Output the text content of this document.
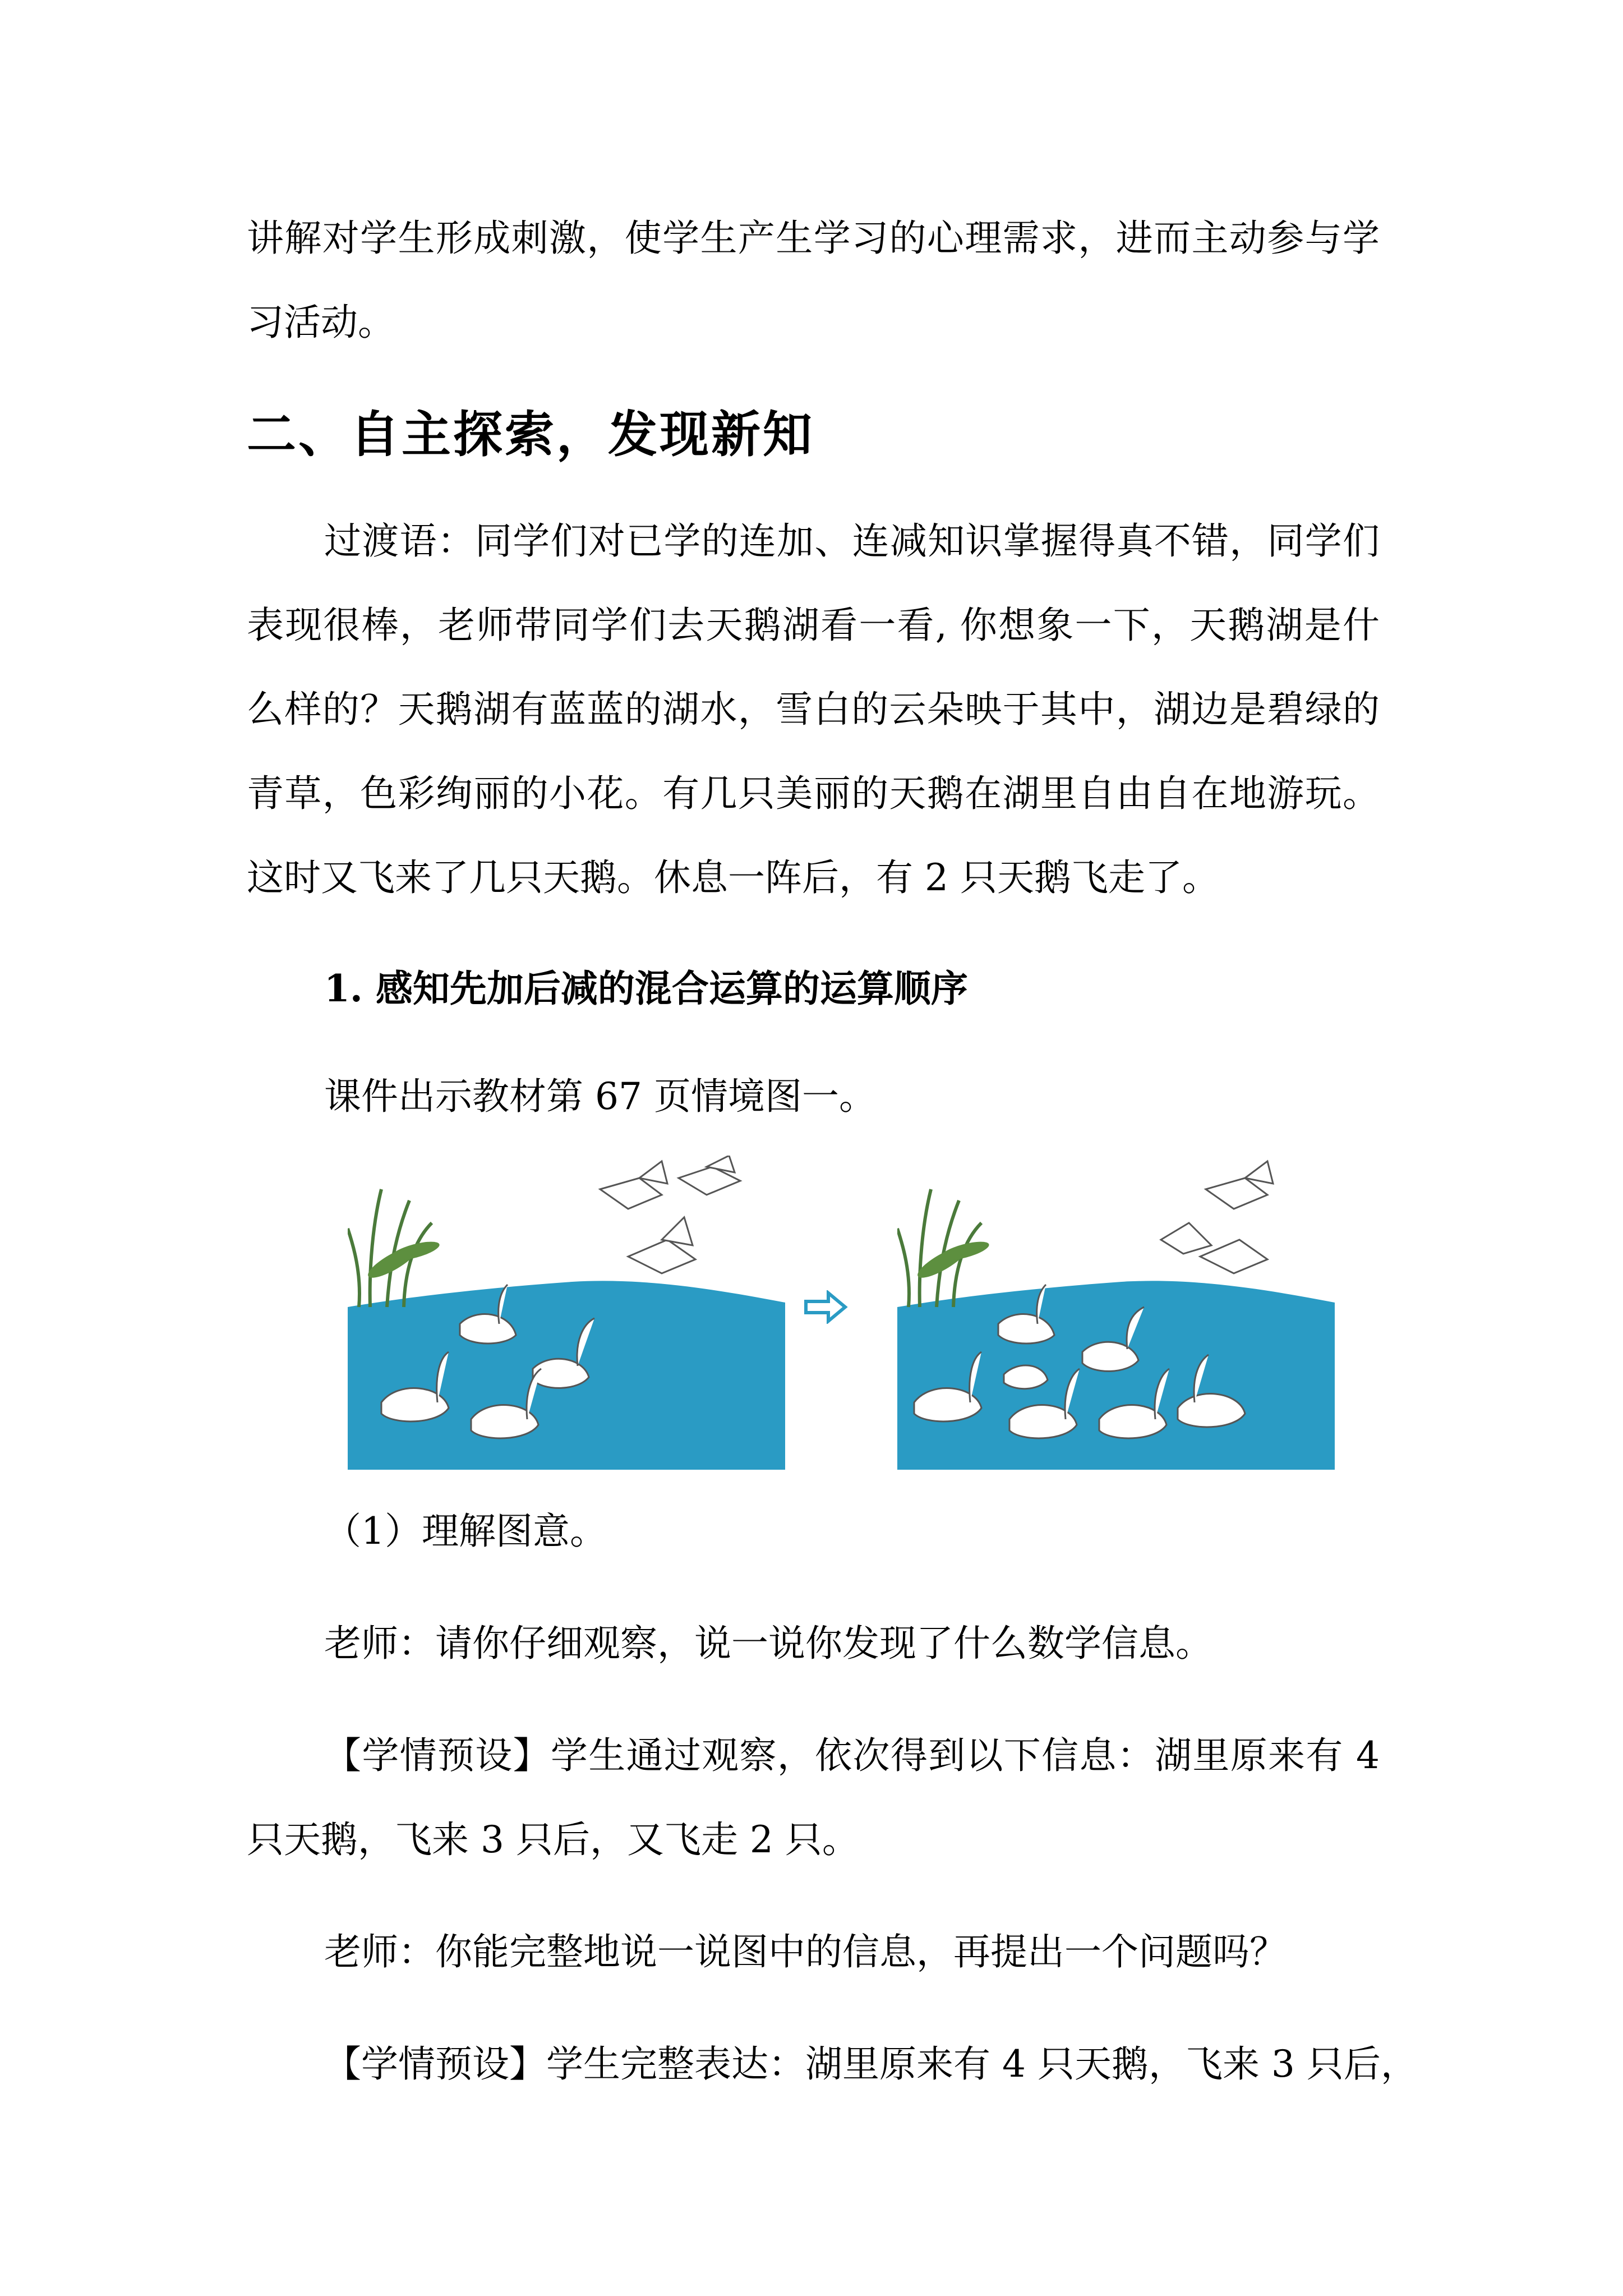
讲解对学生形成刺激，使学生产生学习的心理需求，进而主动参与学

习活动。

二、自主探索，发现新知

过渡语：同学们对已学的连加、连减知识掌握得真不错，同学们

表现很棒，老师带同学们去天鹅湖看一看, 你想象一下，天鹅湖是什

么样的？天鹅湖有蓝蓝的湖水，雪白的云朵映于其中，湖边是碧绿的

青草，色彩绚丽的小花。有几只美丽的天鹅在湖里自由自在地游玩。

这时又飞来了几只天鹅。休息一阵后，有 2 只天鹅飞走了。

1. 感知先加后减的混合运算的运算顺序

课件出示教材第 67 页情境图一。

（1）理解图意。

老师：请你仔细观察，说一说你发现了什么数学信息。

【学情预设】学生通过观察，依次得到以下信息：湖里原来有 4

只天鹅，飞来 3 只后，又飞走 2 只。

老师：你能完整地说一说图中的信息，再提出一个问题吗？

【学情预设】学生完整表达：湖里原来有 4 只天鹅，飞来 3 只后，
